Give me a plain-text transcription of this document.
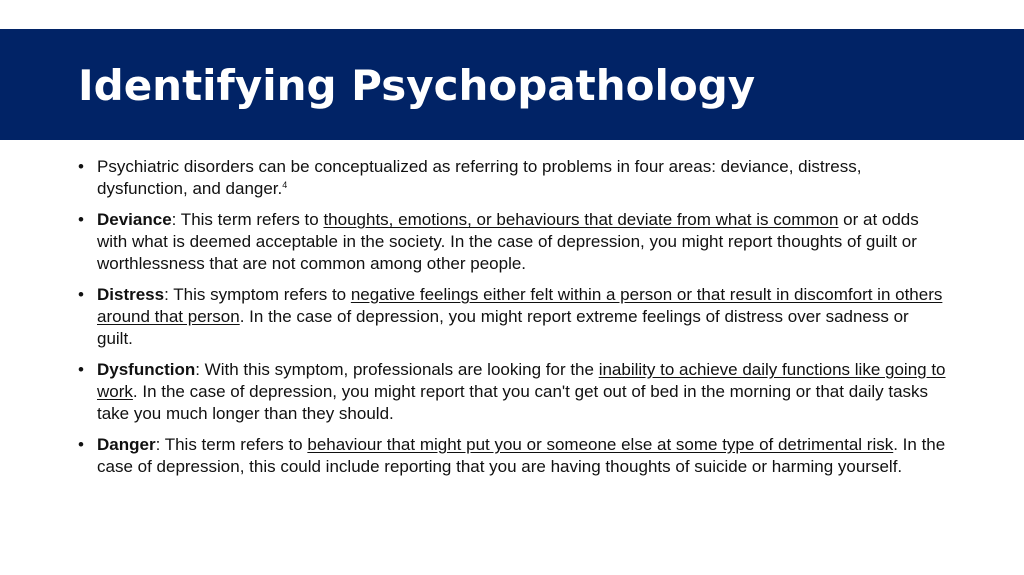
Identifying Psychopathology
• Psychiatric disorders can be conceptualized as referring to problems in four areas: deviance, distress, dysfunction, and danger.$^4$
• Deviance: This term refers to thoughts, emotions, or behaviours that deviate from what is common or at odds with what is deemed acceptable in the society. In the case of depression, you might report thoughts of guilt or worthlessness that are not common among other people.
• Distress: This symptom refers to negative feelings either felt within a person or that result in discomfort in others around that person. In the case of depression, you might report extreme feelings of distress over sadness or guilt.
• Dysfunction: With this symptom, professionals are looking for the inability to achieve daily functions like going to work. In the case of depression, you might report that you can't get out of bed in the morning or that daily tasks take you much longer than they should.
• Danger: This term refers to behaviour that might put you or someone else at some type of detrimental risk. In the case of depression, this could include reporting that you are having thoughts of suicide or harming yourself.
